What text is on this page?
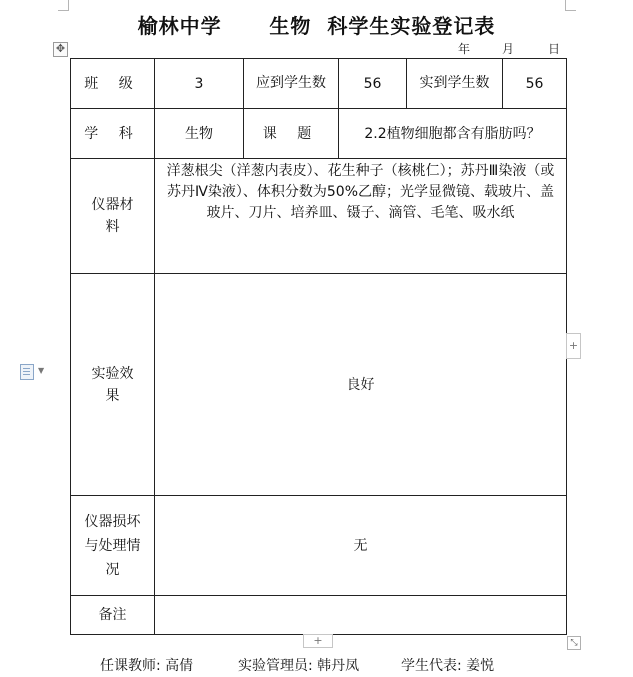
榆林中学      生物  科学生实验登记表
年	月	日
✥
班 级	3	应到学生数	56	实到学生数	56
学 科	生物	课 题	2.2植物细胞都含有脂肪吗？		

仪器材料	洋葱根尖（洋葱内表皮）、花生种子（核桃仁）；苏丹Ⅲ染液（或苏丹Ⅳ染液）、体积分数为50%乙醇；光学显微镜、载玻片、盖玻片、刀片、培养皿、镊子、滴管、毛笔、吸水纸				

实验效果	良好				

仪器损坏与处理情况	无				
备注					
+
+	⤡
▼
任课教师: 高倩	实验管理员: 韩丹凤	学生代表: 姜悦
